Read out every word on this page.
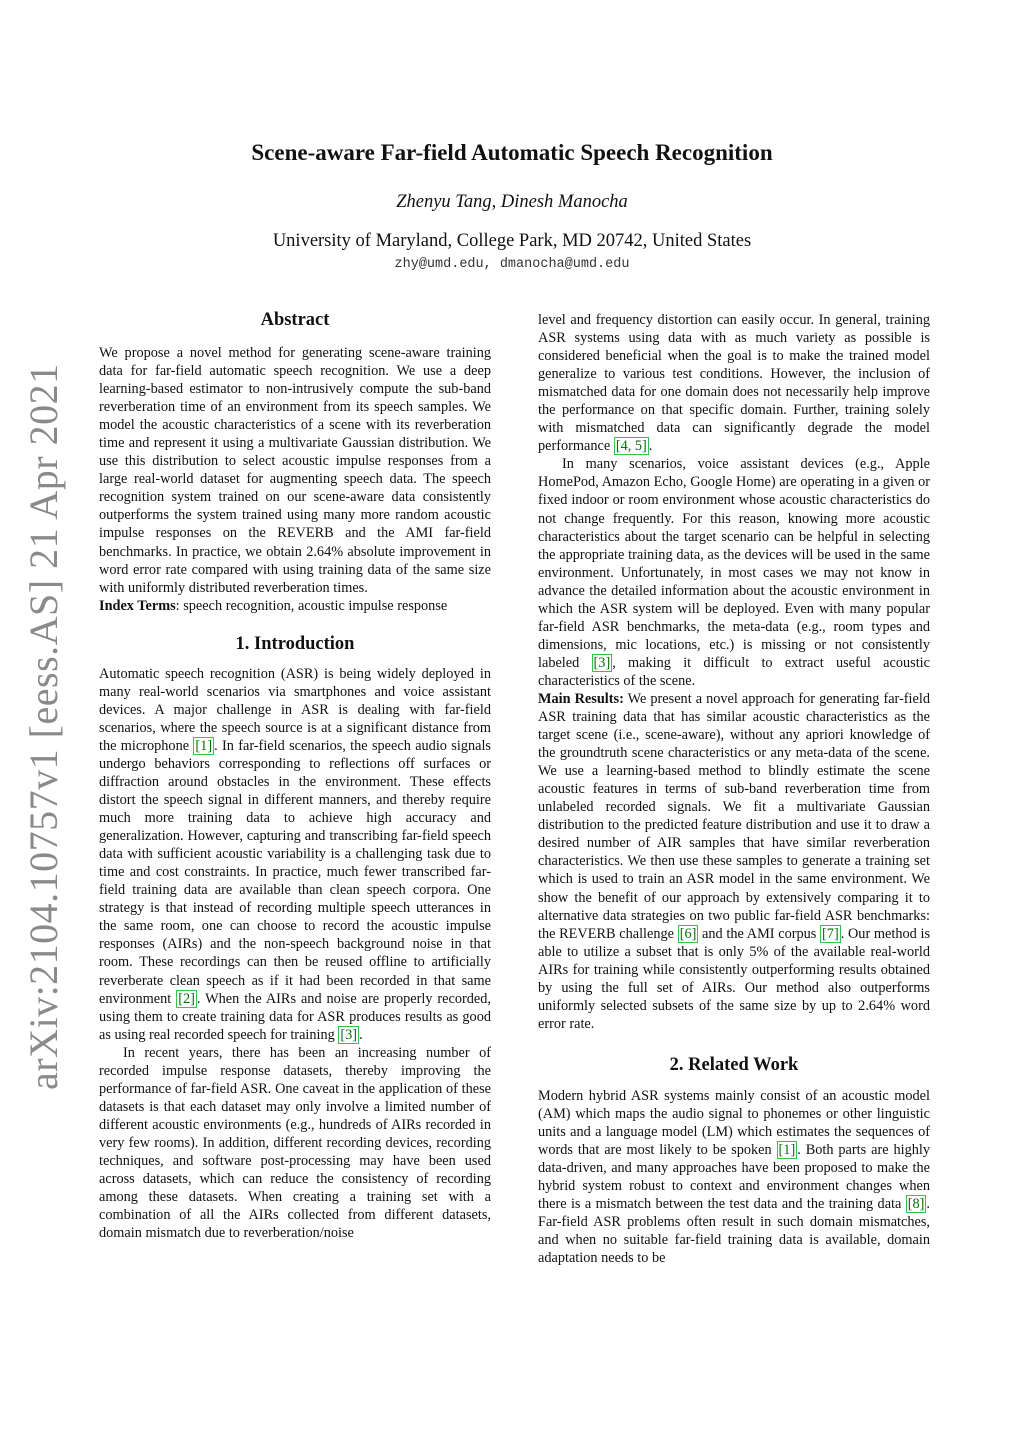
arXiv:2104.10757v1 [eess.AS] 21 Apr 2021
Scene-aware Far-field Automatic Speech Recognition
Zhenyu Tang, Dinesh Manocha
University of Maryland, College Park, MD 20742, United States
zhy@umd.edu, dmanocha@umd.edu
Abstract

We propose a novel method for generating scene-aware training data for far-field automatic speech recognition. We use a deep learning-based estimator to non-intrusively compute the sub-band reverberation time of an environment from its speech samples. We model the acoustic characteristics of a scene with its reverberation time and represent it using a multivariate Gaussian distribution. We use this distribution to select acoustic impulse responses from a large real-world dataset for augmenting speech data. The speech recognition system trained on our scene-aware data consistently outperforms the system trained using many more random acoustic impulse responses on the REVERB and the AMI far-field benchmarks. In practice, we obtain 2.64% absolute improvement in word error rate compared with using training data of the same size with uniformly distributed reverberation times.

Index Terms: speech recognition, acoustic impulse response

1. Introduction

Automatic speech recognition (ASR) is being widely deployed in many real-world scenarios via smartphones and voice assistant devices. A major challenge in ASR is dealing with far-field scenarios, where the speech source is at a significant distance from the microphone [1] . In far-field scenarios, the speech audio signals undergo behaviors corresponding to reflections off surfaces or diffraction around obstacles in the environment. These effects distort the speech signal in different manners, and thereby require much more training data to achieve high accuracy and generalization. However, capturing and transcribing far-field speech data with sufficient acoustic variability is a challenging task due to time and cost constraints. In practice, much fewer transcribed far-field training data are available than clean speech corpora. One strategy is that instead of recording multiple speech utterances in the same room, one can choose to record the acoustic impulse responses (AIRs) and the non-speech background noise in that room. These recordings can then be reused offline to artificially reverberate clean speech as if it had been recorded in that same environment [2] . When the AIRs and noise are properly recorded, using them to create training data for ASR produces results as good as using real recorded speech for training [3] .

In recent years, there has been an increasing number of recorded impulse response datasets, thereby improving the performance of far-field ASR. One caveat in the application of these datasets is that each dataset may only involve a limited number of different acoustic environments (e.g., hundreds of AIRs recorded in very few rooms). In addition, different recording devices, recording techniques, and software post-processing may have been used across datasets, which can reduce the consistency of recording among these datasets. When creating a training set with a combination of all the AIRs collected from different datasets, domain mismatch due to reverberation/noise

level and frequency distortion can easily occur. In general, training ASR systems using data with as much variety as possible is considered beneficial when the goal is to make the trained model generalize to various test conditions. However, the inclusion of mismatched data for one domain does not necessarily help improve the performance on that specific domain. Further, training solely with mismatched data can significantly degrade the model performance [4, 5] .

In many scenarios, voice assistant devices (e.g., Apple HomePod, Amazon Echo, Google Home) are operating in a given or fixed indoor or room environment whose acoustic characteristics do not change frequently. For this reason, knowing more acoustic characteristics about the target scenario can be helpful in selecting the appropriate training data, as the devices will be used in the same environment. Unfortunately, in most cases we may not know in advance the detailed information about the acoustic environment in which the ASR system will be deployed. Even with many popular far-field ASR benchmarks, the meta-data (e.g., room types and dimensions, mic locations, etc.) is missing or not consistently labeled [3] , making it difficult to extract useful acoustic characteristics of the scene.

Main Results: We present a novel approach for generating far-field ASR training data that has similar acoustic characteristics as the target scene (i.e., scene-aware), without any apriori knowledge of the groundtruth scene characteristics or any meta-data of the scene. We use a learning-based method to blindly estimate the scene acoustic features in terms of sub-band reverberation time from unlabeled recorded signals. We fit a multivariate Gaussian distribution to the predicted feature distribution and use it to draw a desired number of AIR samples that have similar reverberation characteristics. We then use these samples to generate a training set which is used to train an ASR model in the same environment. We show the benefit of our approach by extensively comparing it to alternative data strategies on two public far-field ASR benchmarks: the REVERB challenge [6] and the AMI corpus [7] . Our method is able to utilize a subset that is only 5% of the available real-world AIRs for training while consistently outperforming results obtained by using the full set of AIRs. Our method also outperforms uniformly selected subsets of the same size by up to 2.64% word error rate.

2. Related Work

Modern hybrid ASR systems mainly consist of an acoustic model (AM) which maps the audio signal to phonemes or other linguistic units and a language model (LM) which estimates the sequences of words that are most likely to be spoken [1] . Both parts are highly data-driven, and many approaches have been proposed to make the hybrid system robust to context and environment changes when there is a mismatch between the test data and the training data [8] . Far-field ASR problems often result in such domain mismatches, and when no suitable far-field training data is available, domain adaptation needs to be
